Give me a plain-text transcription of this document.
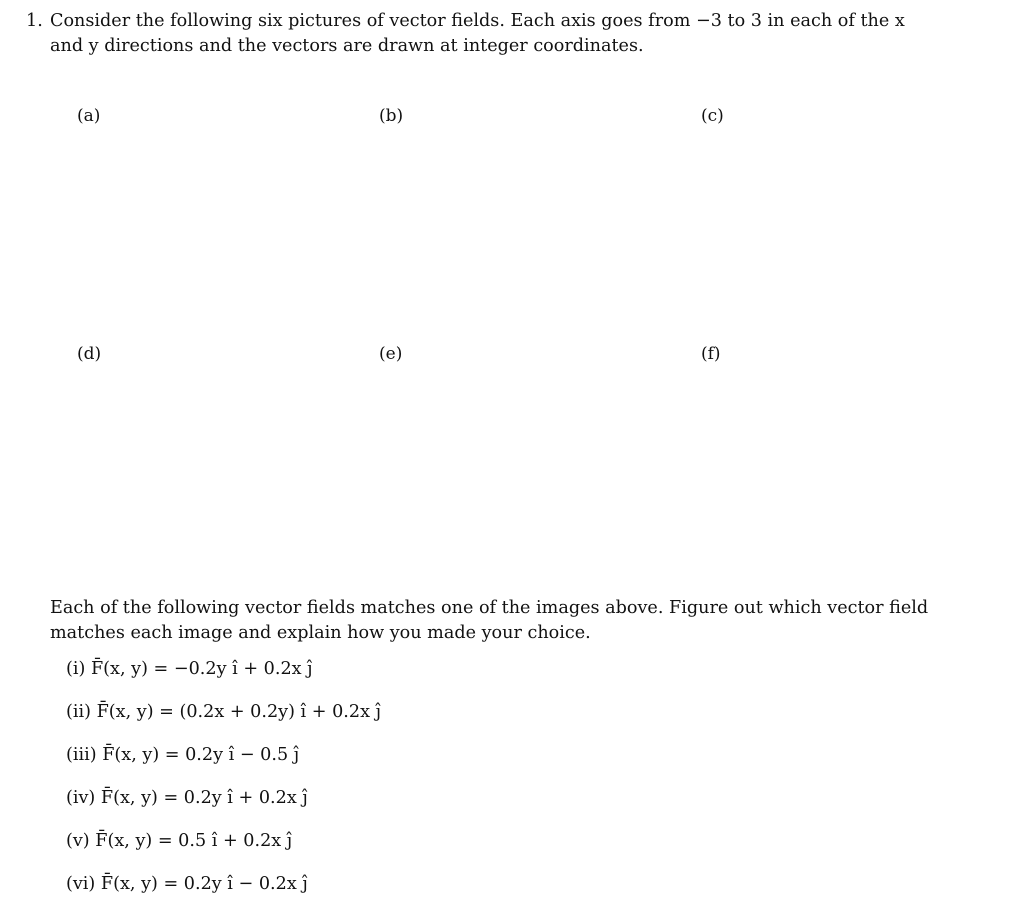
1. Consider the following six pictures of vector fields. Each axis goes from −3 to 3 in each of the x
and y directions and the vectors are drawn at integer coordinates.
(a)	(b)	(c)
(d)	(e)	(f)
Each of the following vector fields matches one of the images above. Figure out which vector field
matches each image and explain how you made your choice.
(i) F̄(x, y) = −0.2y î + 0.2x ĵ
(ii) F̄(x, y) = (0.2x + 0.2y) î + 0.2x ĵ
(iii) F̄(x, y) = 0.2y î − 0.5 ĵ
(iv) F̄(x, y) = 0.2y î + 0.2x ĵ
(v) F̄(x, y) = 0.5 î + 0.2x ĵ
(vi) F̄(x, y) = 0.2y î − 0.2x ĵ
